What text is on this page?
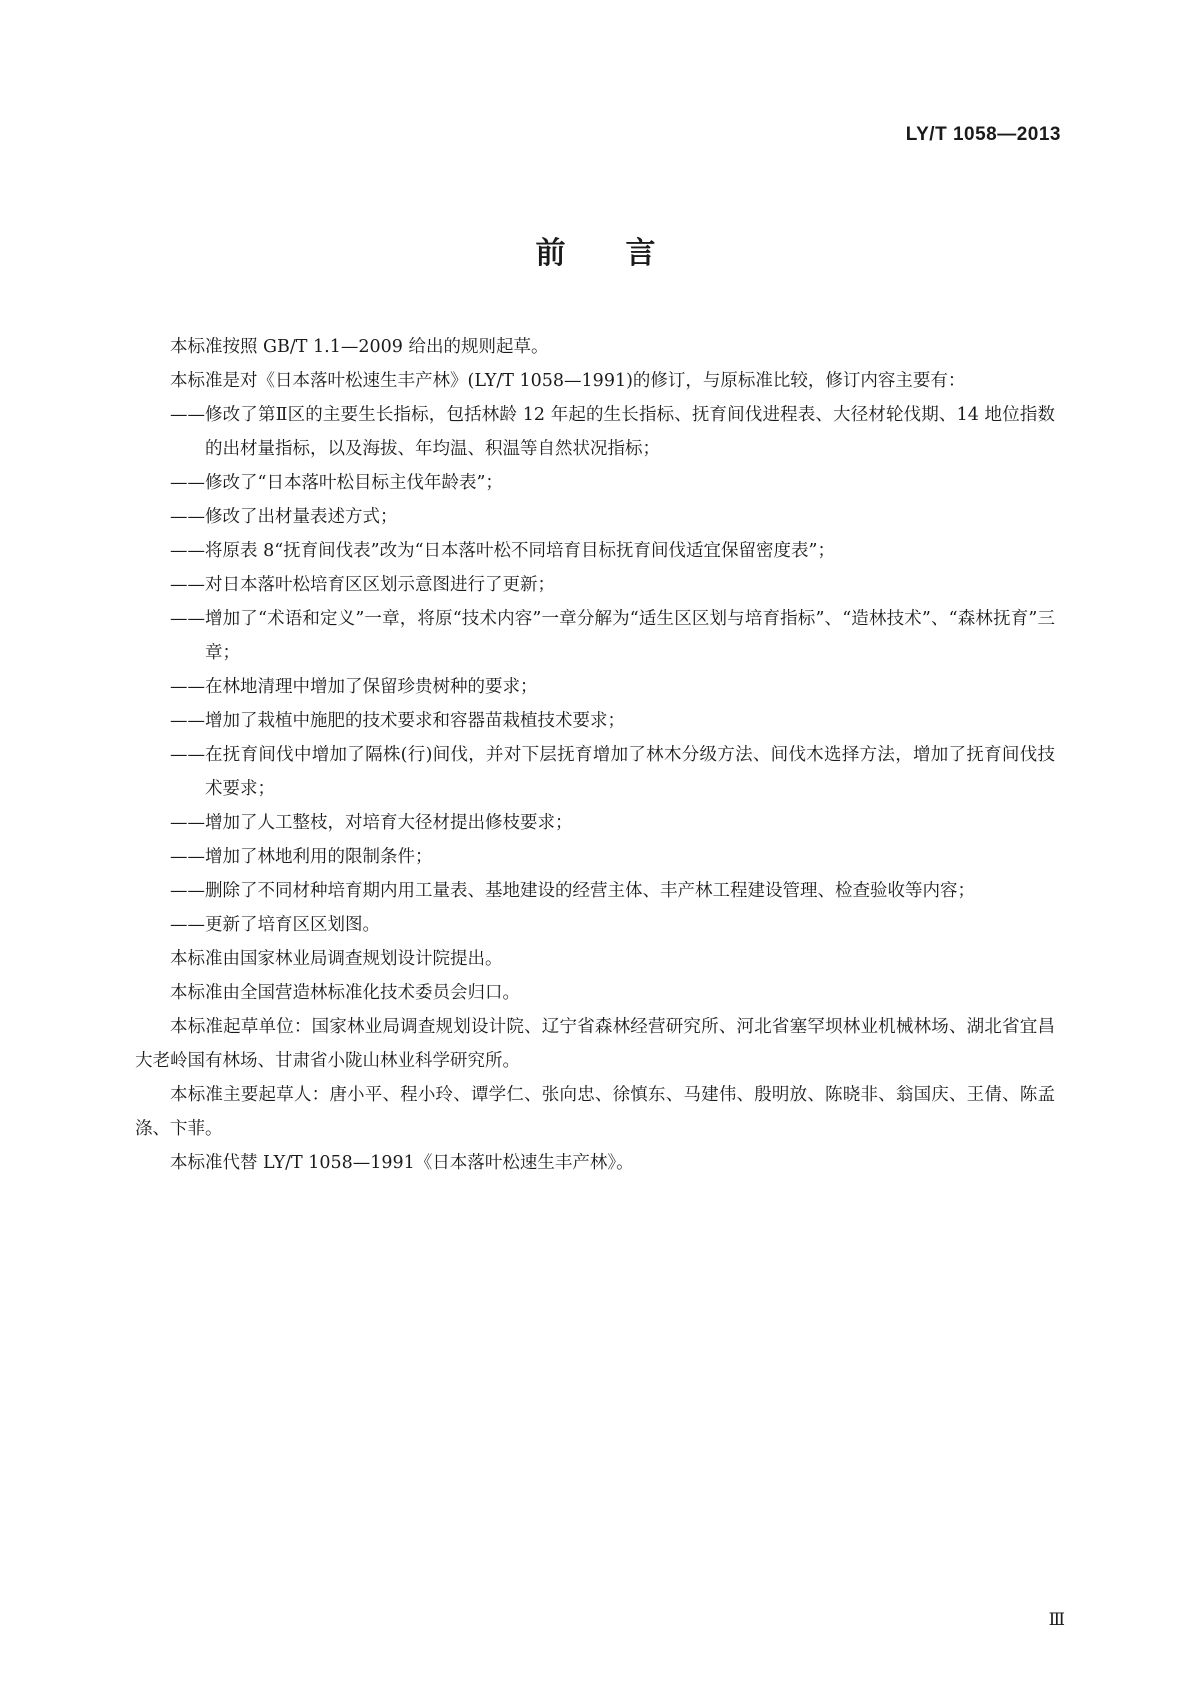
LY/T 1058—2013
前言

本标准按照 GB/T 1.1—2009 给出的规则起草。

本标准是对《日本落叶松速生丰产林》(LY/T 1058—1991)的修订，与原标准比较，修订内容主要有：

—— 修改了第Ⅱ区的主要生长指标，包括林龄 12 年起的生长指标、抚育间伐进程表、大径材轮伐期、14 地位指数的出材量指标，以及海拔、年均温、积温等自然状况指标；
—— 修改了“日本落叶松目标主伐年龄表”；
—— 修改了出材量表述方式；
—— 将原表 8“抚育间伐表”改为“日本落叶松不同培育目标抚育间伐适宜保留密度表”；
—— 对日本落叶松培育区区划示意图进行了更新；
—— 增加了“术语和定义”一章，将原“技术内容”一章分解为“适生区区划与培育指标”、“造林技术”、“森林抚育”三章；
—— 在林地清理中增加了保留珍贵树种的要求；
—— 增加了栽植中施肥的技术要求和容器苗栽植技术要求；
—— 在抚育间伐中增加了隔株(行)间伐，并对下层抚育增加了林木分级方法、间伐木选择方法，增加了抚育间伐技术要求；
—— 增加了人工整枝，对培育大径材提出修枝要求；
—— 增加了林地利用的限制条件；
—— 删除了不同材种培育期内用工量表、基地建设的经营主体、丰产林工程建设管理、检查验收等内容；
—— 更新了培育区区划图。

本标准由国家林业局调查规划设计院提出。

本标准由全国营造林标准化技术委员会归口。

本标准起草单位：国家林业局调查规划设计院、辽宁省森林经营研究所、河北省塞罕坝林业机械林场、湖北省宜昌大老岭国有林场、甘肃省小陇山林业科学研究所。

本标准主要起草人：唐小平、程小玲、谭学仁、张向忠、徐慎东、马建伟、殷明放、陈晓非、翁国庆、王倩、陈孟涤、卞菲。

本标准代替 LY/T 1058—1991《日本落叶松速生丰产林》。

Ⅲ
